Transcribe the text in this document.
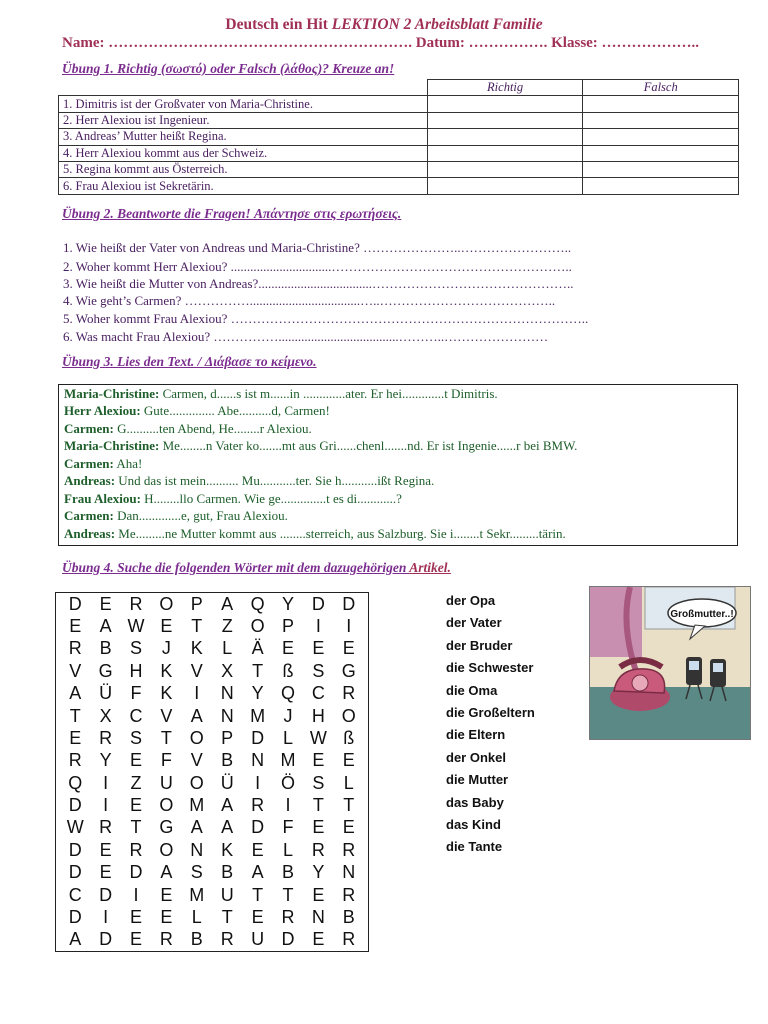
Deutsch ein Hit LEKTION 2 Arbeitsblatt Familie
Name: ……………………………………………………. Datum: ……………. Klasse: ………………..
Übung 1. Richtig (σωστό) oder Falsch (λάθος)? Kreuze an!
	Richtig	Falsch
1. Dimitris ist der Großvater von Maria-Christine.		
2. Herr Alexiou ist Ingenieur.		
3. Andreas’ Mutter heißt Regina.		
4. Herr Alexiou kommt aus der Schweiz.		
5. Regina kommt aus Österreich.		
6. Frau Alexiou ist Sekretärin.		
Übung 2. Beantworte die Fragen! Απάντησε στις ερωτήσεις.
1. Wie heißt der Vater von Andreas und Maria-Christine? …………………..……………………..
2. Woher kommt Herr Alexiou? ...............................………………………………………………..
3. Wie heißt die Mutter von Andreas?...................................………………………………………..
4. Wie geht’s Carmen? ……………..................................…..…………………………………..
5. Woher kommt Frau Alexiou? ………………………………………………………………………..
6. Was macht Frau Alexiou? …………….....................................………..……………………
Übung 3. Lies den Text. / Διάβασε το κείμενο.
Maria-Christine: Carmen, d......s ist m......in .............ater. Er hei.............t Dimitris.
Herr Alexiou: Gute.............. Abe..........d, Carmen!
Carmen: G..........ten Abend, He........r Alexiou.
Maria-Christine: Me........n Vater ko.......mt aus Gri......chenl.......nd. Er ist Ingenie......r bei BMW.
Carmen: Aha!
Andreas: Und das ist mein.......... Mu...........ter. Sie h...........ißt Regina.
Frau Alexiou: H........llo Carmen. Wie ge..............t es di............?
Carmen: Dan.............e, gut, Frau Alexiou.
Andreas: Me.........ne Mutter kommt aus ........sterreich, aus Salzburg. Sie i........t Sekr.........tärin.
Übung 4. Suche die folgenden Wörter mit dem dazugehörigen Artikel.
D E R O P	A Q Y D D
E	A W E	T	Z O P	I	I
R B	S	J	K	L	Ä	E	E	E
V G H K	V	X	T	ß	S G
A Ü	F	K	I	N Y Q C R
T	X C V	A N M	J	H O
E R S	T O P D	L W ß
R Y	E	F	V	B N M E	E
Q	I	Z	U O Ü	I	Ö S	L
D	I	E O M A R	I	T	T
W R	T G A	A D	F	E	E
D E R O N K	E	L	R R
D E D A	S	B	A	B	Y N
C D	I	E M U	T	T	E R
D	I	E	E	L	T	E R N B
A D E R B R U D E R
der Opa
der Vater
der Bruder
die Schwester
die Oma
die Großeltern
die Eltern
der Onkel
die Mutter
das Baby
das Kind
die Tante
Großmutter..!
